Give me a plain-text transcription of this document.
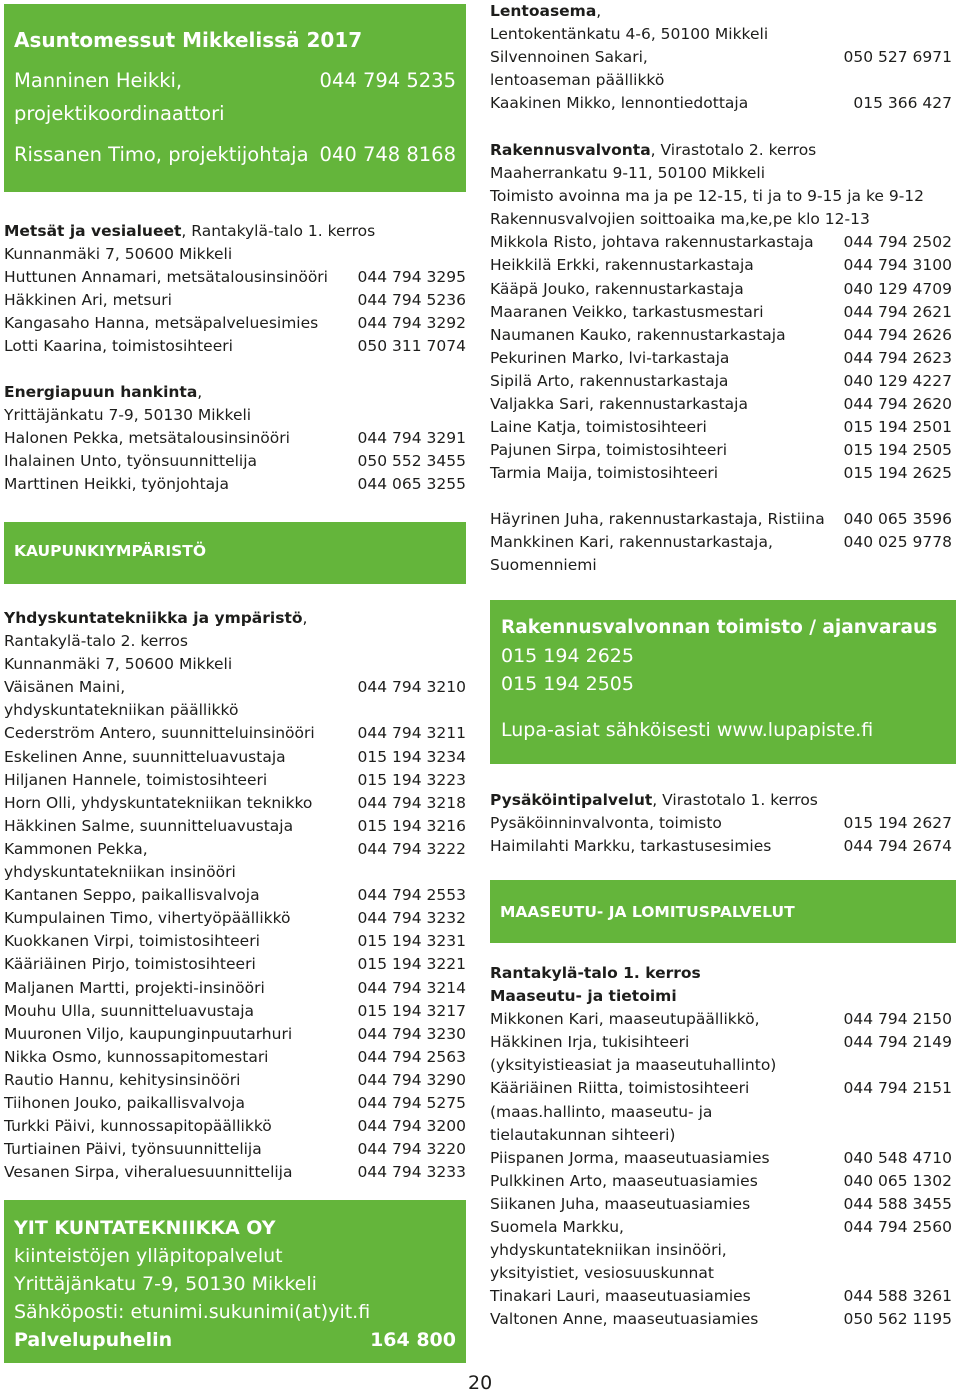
Asuntomessut Mikkelissä 2017
Manninen Heikki,	044 794 5235
projektikoordinaattori
Rissanen Timo, projektijohtaja 040 748 8168
Metsät ja vesialueet, Rantakylä-talo 1. kerros
Kunnanmäki 7, 50600 Mikkeli
Huttunen Annamari, metsätalousinsinööri 044 794 3295
Häkkinen Ari, metsuri	044 794 5236
Kangasaho Hanna, metsäpalveluesimies	044 794 3292
Lotti Kaarina, toimistosihteeri	050 311 7074
Energiapuun hankinta,
Yrittäjänkatu 7-9, 50130 Mikkeli
Halonen Pekka, metsätalousinsinööri	044 794 3291
Ihalainen Unto, työnsuunnittelija	050 552 3455
Marttinen Heikki, työnjohtaja	044 065 3255
KAUPUNKIYMPÄRISTÖ
Yhdyskuntatekniikka ja ympäristö,
Rantakylä-talo 2. kerros
Kunnanmäki 7, 50600 Mikkeli
Väisänen Maini,	044 794 3210
yhdyskuntatekniikan päällikkö
Cederström Antero, suunnitteluinsinööri	044 794 3211
Eskelinen Anne, suunnitteluavustaja	015 194 3234
Hiljanen Hannele, toimistosihteeri	015 194 3223
Horn Olli, yhdyskuntatekniikan teknikko	044 794 3218
Häkkinen Salme, suunnitteluavustaja	015 194 3216
Kammonen Pekka,	044 794 3222
yhdyskuntatekniikan insinööri
Kantanen Seppo, paikallisvalvoja	044 794 2553
Kumpulainen Timo, vihertyöpäällikkö	044 794 3232
Kuokkanen Virpi, toimistosihteeri	015 194 3231
Kääriäinen Pirjo, toimistosihteeri	015 194 3221
Maljanen Martti, projekti-insinööri	044 794 3214
Mouhu Ulla, suunnitteluavustaja	015 194 3217
Muuronen Viljo, kaupunginpuutarhuri	044 794 3230
Nikka Osmo, kunnossapitomestari	044 794 2563
Rautio Hannu, kehitysinsinööri	044 794 3290
Tiihonen Jouko, paikallisvalvoja	044 794 5275
Turkki Päivi, kunnossapitopäällikkö	044 794 3200
Turtiainen Päivi, työnsuunnittelija	044 794 3220
Vesanen Sirpa, viheraluesuunnittelija	044 794 3233
YIT KUNTATEKNIIKKA OY
kiinteistöjen ylläpitopalvelut
Yrittäjänkatu 7-9, 50130 Mikkeli
Sähköposti: etunimi.sukunimi(at)yit.fi
Palvelupuhelin	164 800
Lentoasema,
Lentokentänkatu 4-6, 50100 Mikkeli
Silvennoinen Sakari,	050 527 6971
lentoaseman päällikkö
Kaakinen Mikko, lennontiedottaja	015 366 427
Rakennusvalvonta, Virastotalo 2. kerros
Maaherrankatu 9-11, 50100 Mikkeli
Toimisto avoinna ma ja pe 12-15, ti ja to 9-15 ja ke 9-12
Rakennusvalvojien soittoaika ma,ke,pe klo 12-13
Mikkola Risto, johtava rakennustarkastaja 044 794 2502
Heikkilä Erkki, rakennustarkastaja	044 794 3100
Kääpä Jouko, rakennustarkastaja	040 129 4709
Maaranen Veikko, tarkastusmestari	044 794 2621
Naumanen Kauko, rakennustarkastaja	044 794 2626
Pekurinen Marko, lvi-tarkastaja	044 794 2623
Sipilä Arto, rakennustarkastaja	040 129 4227
Valjakka Sari, rakennustarkastaja	044 794 2620
Laine Katja, toimistosihteeri	015 194 2501
Pajunen Sirpa, toimistosihteeri	015 194 2505
Tarmia Maija, toimistosihteeri	015 194 2625
Häyrinen Juha, rakennustarkastaja, Ristiina 040 065 3596
Mankkinen Kari, rakennustarkastaja,	040 025 9778
Suomenniemi
Rakennusvalvonnan toimisto / ajanvaraus
015 194 2625
015 194 2505
Lupa-asiat sähköisesti www.lupapiste.fi
Pysäköintipalvelut, Virastotalo 1. kerros
Pysäköinninvalvonta, toimisto	015 194 2627
Haimilahti Markku, tarkastusesimies	044 794 2674
MAASEUTU- JA LOMITUSPALVELUT
Rantakylä-talo 1. kerros
Maaseutu- ja tietoimi
Mikkonen Kari, maaseutupäällikkö,	044 794 2150
Häkkinen Irja, tukisihteeri	044 794 2149
(yksityistieasiat ja maaseutuhallinto)
Kääriäinen Riitta, toimistosihteeri	044 794 2151
(maas.hallinto, maaseutu- ja
tielautakunnan sihteeri)
Piispanen Jorma, maaseutuasiamies	040 548 4710
Pulkkinen Arto, maaseutuasiamies	040 065 1302
Siikanen Juha, maaseutuasiamies	044 588 3455
Suomela Markku,	044 794 2560
yhdyskuntatekniikan insinööri,
yksityistiet, vesiosuuskunnat
Tinakari Lauri, maaseutuasiamies	044 588 3261
Valtonen Anne, maaseutuasiamies	050 562 1195
20
